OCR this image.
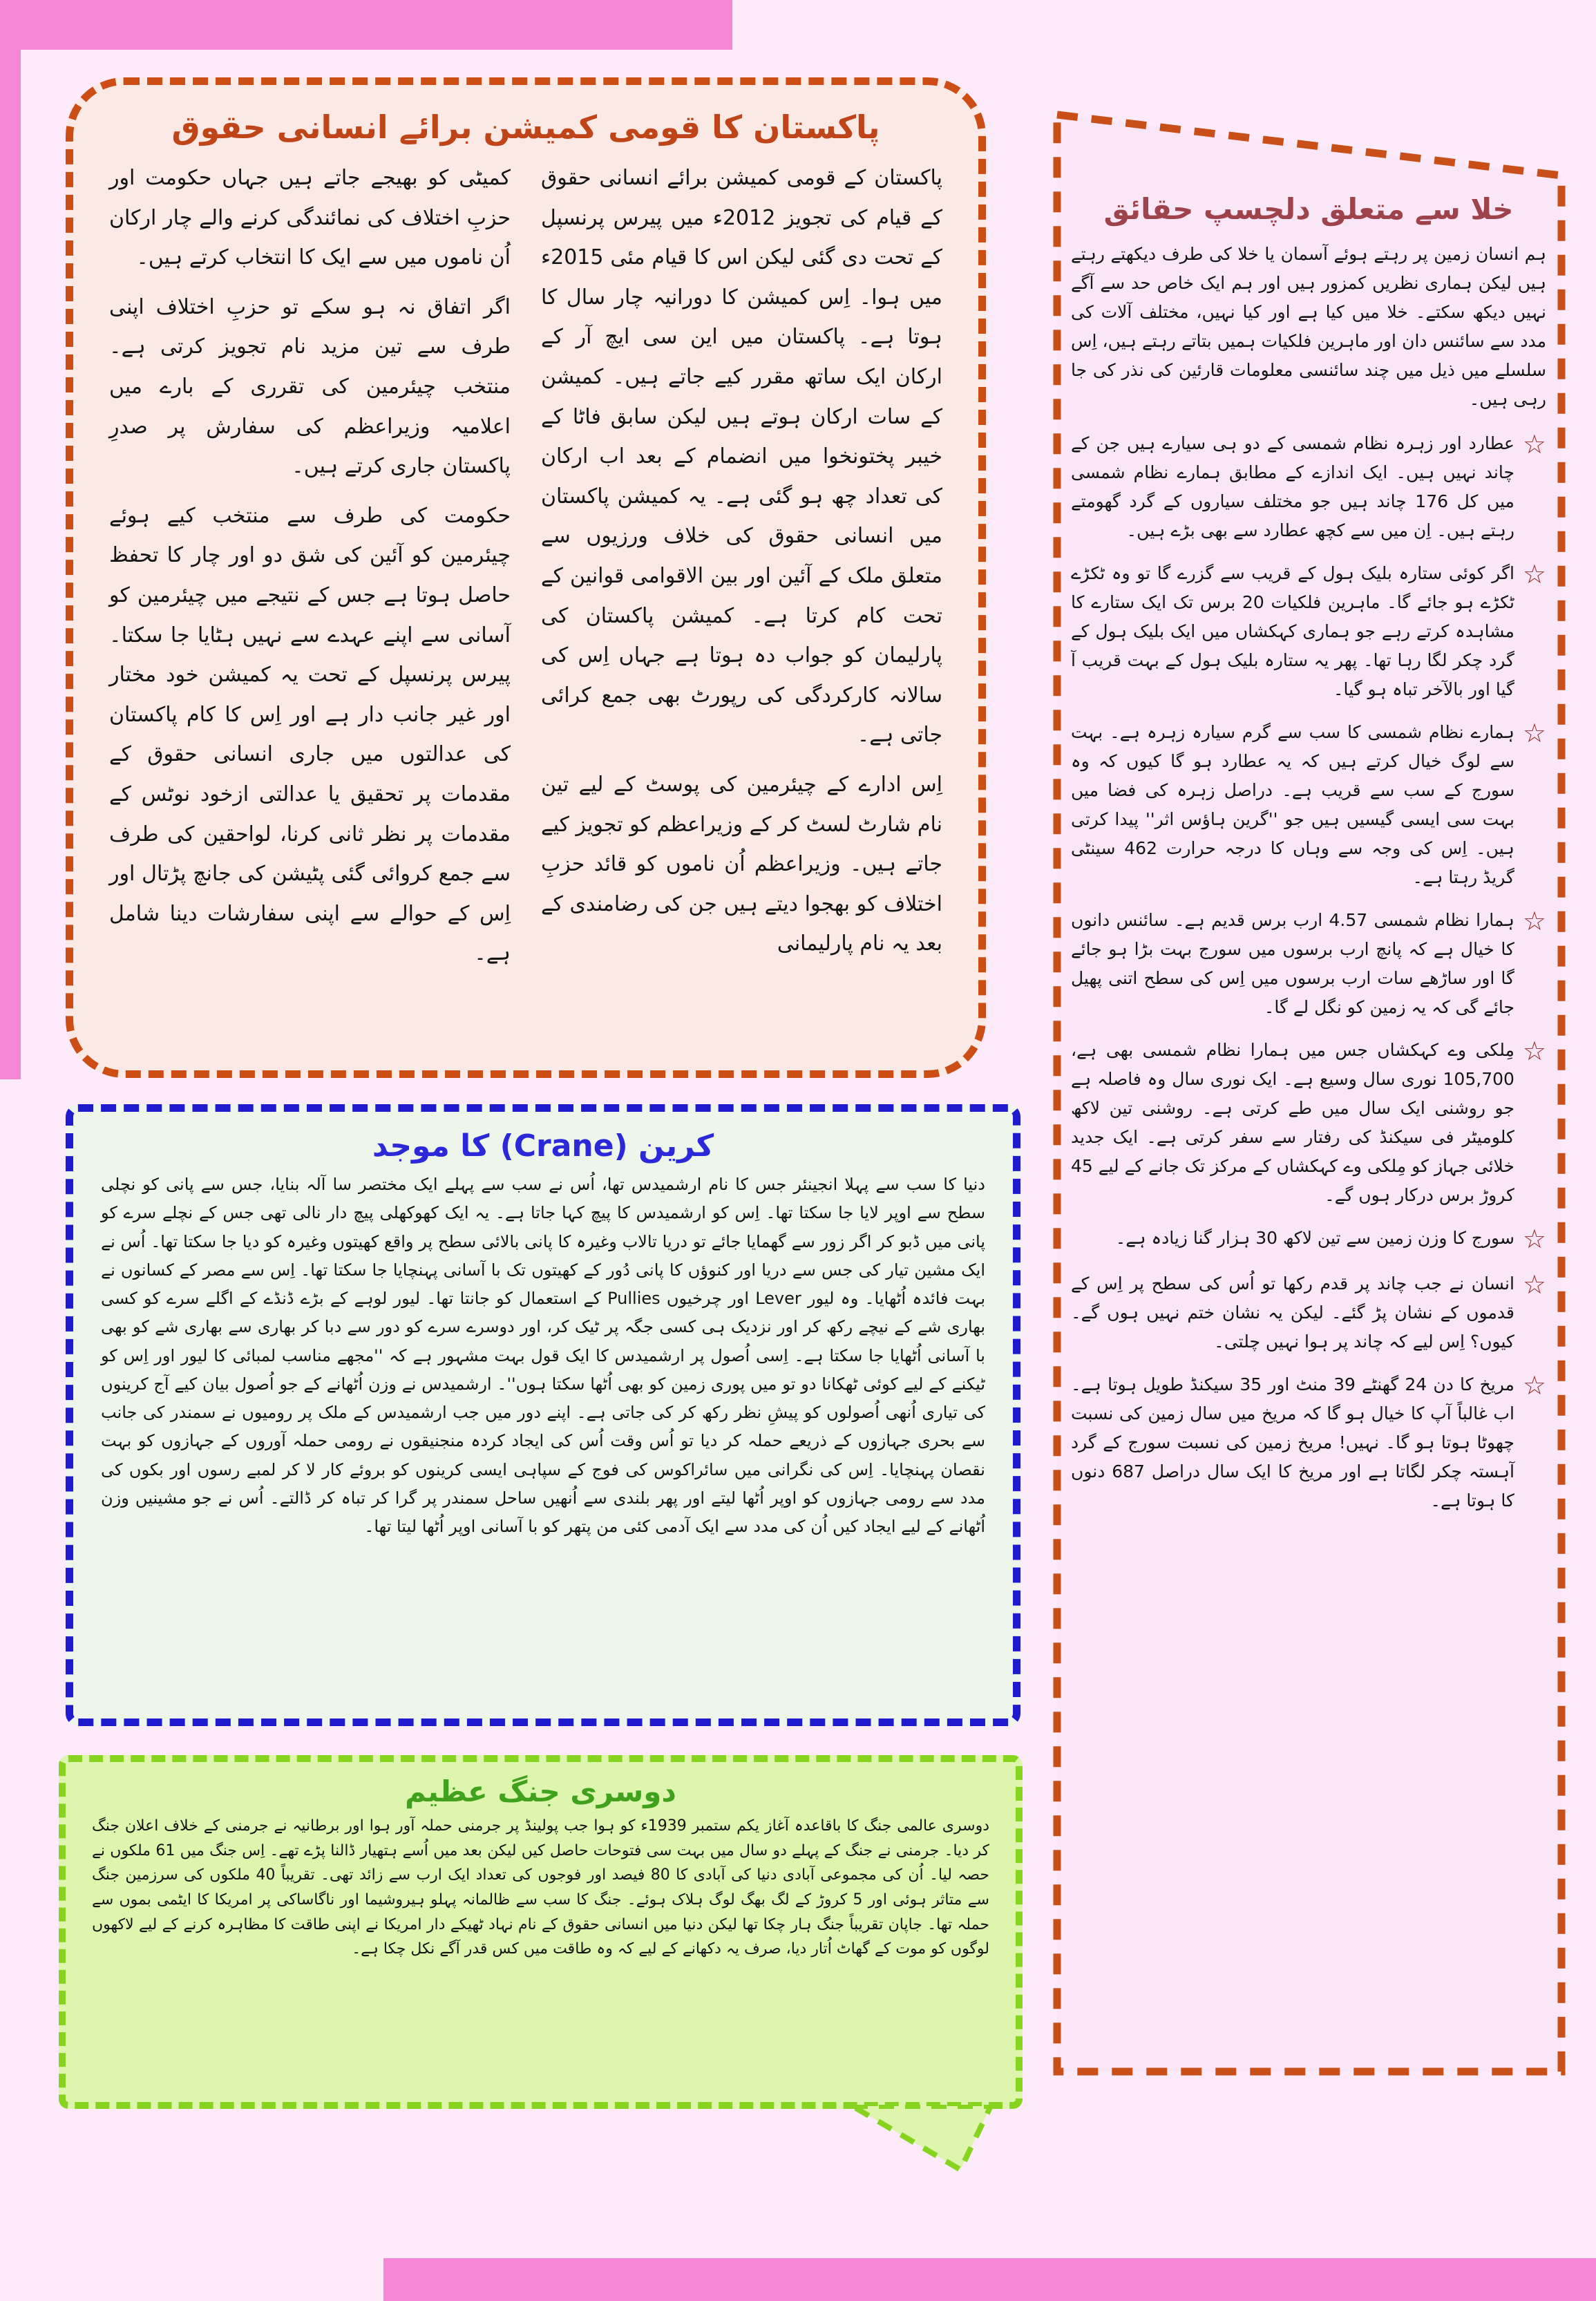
پاکستان کا قومی کمیشن برائے انسانی حقوق

پاکستان کے قومی کمیشن برائے انسانی حقوق کے قیام کی تجویز 2012ء میں پیرس پرنسپل کے تحت دی گئی لیکن اس کا قیام مئی 2015ء میں ہوا۔ اِس کمیشن کا دورانیہ چار سال کا ہوتا ہے۔ پاکستان میں این سی ایچ آر کے ارکان ایک ساتھ مقرر کیے جاتے ہیں۔ کمیشن کے سات ارکان ہوتے ہیں لیکن سابق فاٹا کے خیبر پختونخوا میں انضمام کے بعد اب ارکان کی تعداد چھ ہو گئی ہے۔ یہ کمیشن پاکستان میں انسانی حقوق کی خلاف ورزیوں سے متعلق ملک کے آئین اور بین الاقوامی قوانین کے تحت کام کرتا ہے۔ کمیشن پاکستان کی پارلیمان کو جواب دہ ہوتا ہے جہاں اِس کی سالانہ کارکردگی کی رپورٹ بھی جمع کرائی جاتی ہے۔

اِس ادارے کے چیئرمین کی پوسٹ کے لیے تین نام شارٹ لسٹ کر کے وزیراعظم کو تجویز کیے جاتے ہیں۔ وزیراعظم اُن ناموں کو قائد حزبِ اختلاف کو بھجوا دیتے ہیں جن کی رضامندی کے بعد یہ نام پارلیمانی

کمیٹی کو بھیجے جاتے ہیں جہاں حکومت اور حزبِ اختلاف کی نمائندگی کرنے والے چار ارکان اُن ناموں میں سے ایک کا انتخاب کرتے ہیں۔

اگر اتفاق نہ ہو سکے تو حزبِ اختلاف اپنی طرف سے تین مزید نام تجویز کرتی ہے۔ منتخب چیئرمین کی تقرری کے بارے میں اعلامیہ وزیراعظم کی سفارش پر صدرِ پاکستان جاری کرتے ہیں۔

حکومت کی طرف سے منتخب کیے ہوئے چیئرمین کو آئین کی شق دو اور چار کا تحفظ حاصل ہوتا ہے جس کے نتیجے میں چیئرمین کو آسانی سے اپنے عہدے سے نہیں ہٹایا جا سکتا۔ پیرس پرنسپل کے تحت یہ کمیشن خود مختار اور غیر جانب دار ہے اور اِس کا کام پاکستان کی عدالتوں میں جاری انسانی حقوق کے مقدمات پر تحقیق یا عدالتی ازخود نوٹس کے مقدمات پر نظر ثانی کرنا، لواحقین کی طرف سے جمع کروائی گئی پٹیشن کی جانچ پڑتال اور اِس کے حوالے سے اپنی سفارشات دینا شامل ہے۔

کرین (Crane) کا موجد
دنیا کا سب سے پہلا انجینئر جس کا نام ارشمیدس تھا، اُس نے سب سے پہلے ایک مختصر سا آلہ بنایا، جس سے پانی کو نچلی سطح سے اوپر لایا جا سکتا تھا۔ اِس کو ارشمیدس کا پیچ کہا جاتا ہے۔ یہ ایک کھوکھلی پیچ دار نالی تھی جس کے نچلے سرے کو پانی میں ڈبو کر اگر زور سے گھمایا جائے تو دریا تالاب وغیرہ کا پانی بالائی سطح پر واقع کھیتوں وغیرہ کو دیا جا سکتا تھا۔ اُس نے ایک مشین تیار کی جس سے دریا اور کنوؤں کا پانی دُور کے کھیتوں تک با آسانی پہنچایا جا سکتا تھا۔ اِس سے مصر کے کسانوں نے بہت فائدہ اُٹھایا۔ وہ لیور Lever اور چرخیوں Pullies کے استعمال کو جانتا تھا۔ لیور لوہے کے بڑے ڈنڈے کے اگلے سرے کو کسی بھاری شے کے نیچے رکھ کر اور نزدیک ہی کسی جگہ پر ٹیک کر، اور دوسرے سرے کو دور سے دبا کر بھاری سے بھاری شے کو بھی با آسانی اُٹھایا جا سکتا ہے۔ اِسی اُصول پر ارشمیدس کا ایک قول بہت مشہور ہے کہ ''مجھے مناسب لمبائی کا لیور اور اِس کو ٹیکنے کے لیے کوئی ٹھکانا دو تو میں پوری زمین کو بھی اُٹھا سکتا ہوں''۔ ارشمیدس نے وزن اُٹھانے کے جو اُصول بیان کیے آج کرینوں کی تیاری اُنھی اُصولوں کو پیشِ نظر رکھ کر کی جاتی ہے۔ اپنے دور میں جب ارشمیدس کے ملک پر رومیوں نے سمندر کی جانب سے بحری جہازوں کے ذریعے حملہ کر دیا تو اُس وقت اُس کی ایجاد کردہ منجنیقوں نے رومی حملہ آوروں کے جہازوں کو بہت نقصان پہنچایا۔ اِس کی نگرانی میں سائراکوس کی فوج کے سپاہی ایسی کرینوں کو بروئے کار لا کر لمبے رسوں اور بکوں کی مدد سے رومی جہازوں کو اوپر اُٹھا لیتے اور پھر بلندی سے اُنھیں ساحل سمندر پر گرا کر تباہ کر ڈالتے۔ اُس نے جو مشینیں وزن اُٹھانے کے لیے ایجاد کیں اُن کی مدد سے ایک آدمی کئی من پتھر کو با آسانی اوپر اُٹھا لیتا تھا۔
دوسری جنگ عظیم
دوسری عالمی جنگ کا باقاعدہ آغاز یکم ستمبر 1939ء کو ہوا جب پولینڈ پر جرمنی حملہ آور ہوا اور برطانیہ نے جرمنی کے خلاف اعلان جنگ کر دیا۔ جرمنی نے جنگ کے پہلے دو سال میں بہت سی فتوحات حاصل کیں لیکن بعد میں اُسے ہتھیار ڈالنا پڑے تھے۔ اِس جنگ میں 61 ملکوں نے حصہ لیا۔ اُن کی مجموعی آبادی دنیا کی آبادی کا 80 فیصد اور فوجوں کی تعداد ایک ارب سے زائد تھی۔ تقریباً 40 ملکوں کی سرزمین جنگ سے متاثر ہوئی اور 5 کروڑ کے لگ بھگ لوگ ہلاک ہوئے۔ جنگ کا سب سے ظالمانہ پہلو ہیروشیما اور ناگاساکی پر امریکا کا ایٹمی بموں سے حملہ تھا۔ جاپان تقریباً جنگ ہار چکا تھا لیکن دنیا میں انسانی حقوق کے نام نہاد ٹھیکے دار امریکا نے اپنی طاقت کا مظاہرہ کرنے کے لیے لاکھوں لوگوں کو موت کے گھاٹ اُتار دیا، صرف یہ دکھانے کے لیے کہ وہ طاقت میں کس قدر آگے نکل چکا ہے۔
خلا سے متعلق دلچسپ حقائق

ہم انسان زمین پر رہتے ہوئے آسمان یا خلا کی طرف دیکھتے رہتے ہیں لیکن ہماری نظریں کمزور ہیں اور ہم ایک خاص حد سے آگے نہیں دیکھ سکتے۔ خلا میں کیا ہے اور کیا نہیں، مختلف آلات کی مدد سے سائنس دان اور ماہرین فلکیات ہمیں بتاتے رہتے ہیں، اِس سلسلے میں ذیل میں چند سائنسی معلومات قارئین کی نذر کی جا رہی ہیں۔

☆
عطارد اور زہرہ نظام شمسی کے دو ہی سیارے ہیں جن کے چاند نہیں ہیں۔ ایک اندازے کے مطابق ہمارے نظام شمسی میں کل 176 چاند ہیں جو مختلف سیاروں کے گرد گھومتے رہتے ہیں۔ اِن میں سے کچھ عطارد سے بھی بڑے ہیں۔
☆
اگر کوئی ستارہ بلیک ہول کے قریب سے گزرے گا تو وہ ٹکڑے ٹکڑے ہو جائے گا۔ ماہرین فلکیات 20 برس تک ایک ستارے کا مشاہدہ کرتے رہے جو ہماری کہکشاں میں ایک بلیک ہول کے گرد چکر لگا رہا تھا۔ پھر یہ ستارہ بلیک ہول کے بہت قریب آ گیا اور بالآخر تباہ ہو گیا۔
☆
ہمارے نظام شمسی کا سب سے گرم سیارہ زہرہ ہے۔ بہت سے لوگ خیال کرتے ہیں کہ یہ عطارد ہو گا کیوں کہ وہ سورج کے سب سے قریب ہے۔ دراصل زہرہ کی فضا میں بہت سی ایسی گیسیں ہیں جو ''گرین ہاؤس اثر'' پیدا کرتی ہیں۔ اِس کی وجہ سے وہاں کا درجہ حرارت 462 سینٹی گریڈ رہتا ہے۔
☆
ہمارا نظام شمسی 4.57 ارب برس قدیم ہے۔ سائنس دانوں کا خیال ہے کہ پانچ ارب برسوں میں سورج بہت بڑا ہو جائے گا اور ساڑھے سات ارب برسوں میں اِس کی سطح اتنی پھیل جائے گی کہ یہ زمین کو نگل لے گا۔
☆
مِلکی وے کہکشاں جس میں ہمارا نظام شمسی بھی ہے، 105,700 نوری سال وسیع ہے۔ ایک نوری سال وہ فاصلہ ہے جو روشنی ایک سال میں طے کرتی ہے۔ روشنی تین لاکھ کلومیٹر فی سیکنڈ کی رفتار سے سفر کرتی ہے۔ ایک جدید خلائی جہاز کو مِلکی وے کہکشاں کے مرکز تک جانے کے لیے 45 کروڑ برس درکار ہوں گے۔
☆
سورج کا وزن زمین سے تین لاکھ 30 ہزار گنا زیادہ ہے۔
☆
انسان نے جب چاند پر قدم رکھا تو اُس کی سطح پر اِس کے قدموں کے نشان پڑ گئے۔ لیکن یہ نشان ختم نہیں ہوں گے۔ کیوں؟ اِس لیے کہ چاند پر ہوا نہیں چلتی۔
☆
مریخ کا دن 24 گھنٹے 39 منٹ اور 35 سیکنڈ طویل ہوتا ہے۔ اب غالباً آپ کا خیال ہو گا کہ مریخ میں سال زمین کی نسبت چھوٹا ہوتا ہو گا۔ نہیں! مریخ زمین کی نسبت سورج کے گرد آہستہ چکر لگاتا ہے اور مریخ کا ایک سال دراصل 687 دنوں کا ہوتا ہے۔
